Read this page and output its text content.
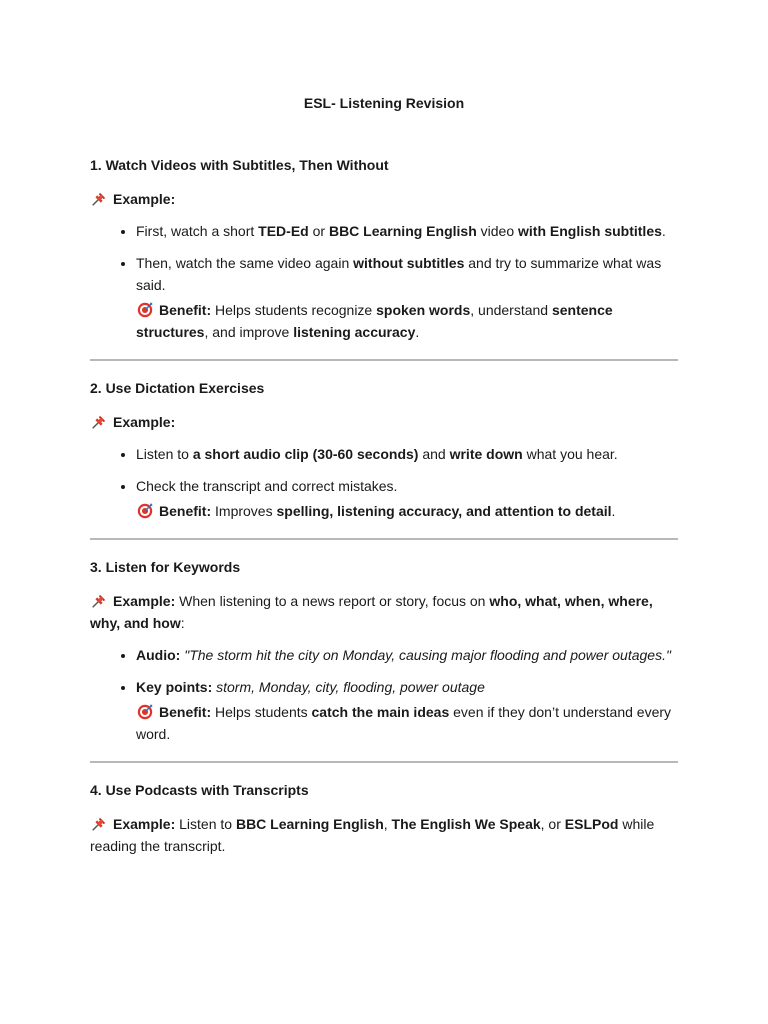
ESL- Listening Revision
1. Watch Videos with Subtitles, Then Without
Example:
• First, watch a short TED-Ed or BBC Learning English video with English subtitles.
• Then, watch the same video again without subtitles and try to summarize what was said.
Benefit: Helps students recognize spoken words, understand sentence structures, and improve listening accuracy.
2. Use Dictation Exercises
Example:
• Listen to a short audio clip (30-60 seconds) and write down what you hear.
• Check the transcript and correct mistakes.
Benefit: Improves spelling, listening accuracy, and attention to detail.
3. Listen for Keywords
Example: When listening to a news report or story, focus on who, what, when, where, why, and how:
• Audio: "The storm hit the city on Monday, causing major flooding and power outages."
• Key points: storm, Monday, city, flooding, power outage
Benefit: Helps students catch the main ideas even if they don’t understand every word.
4. Use Podcasts with Transcripts
Example: Listen to BBC Learning English, The English We Speak, or ESLPod while reading the transcript.
